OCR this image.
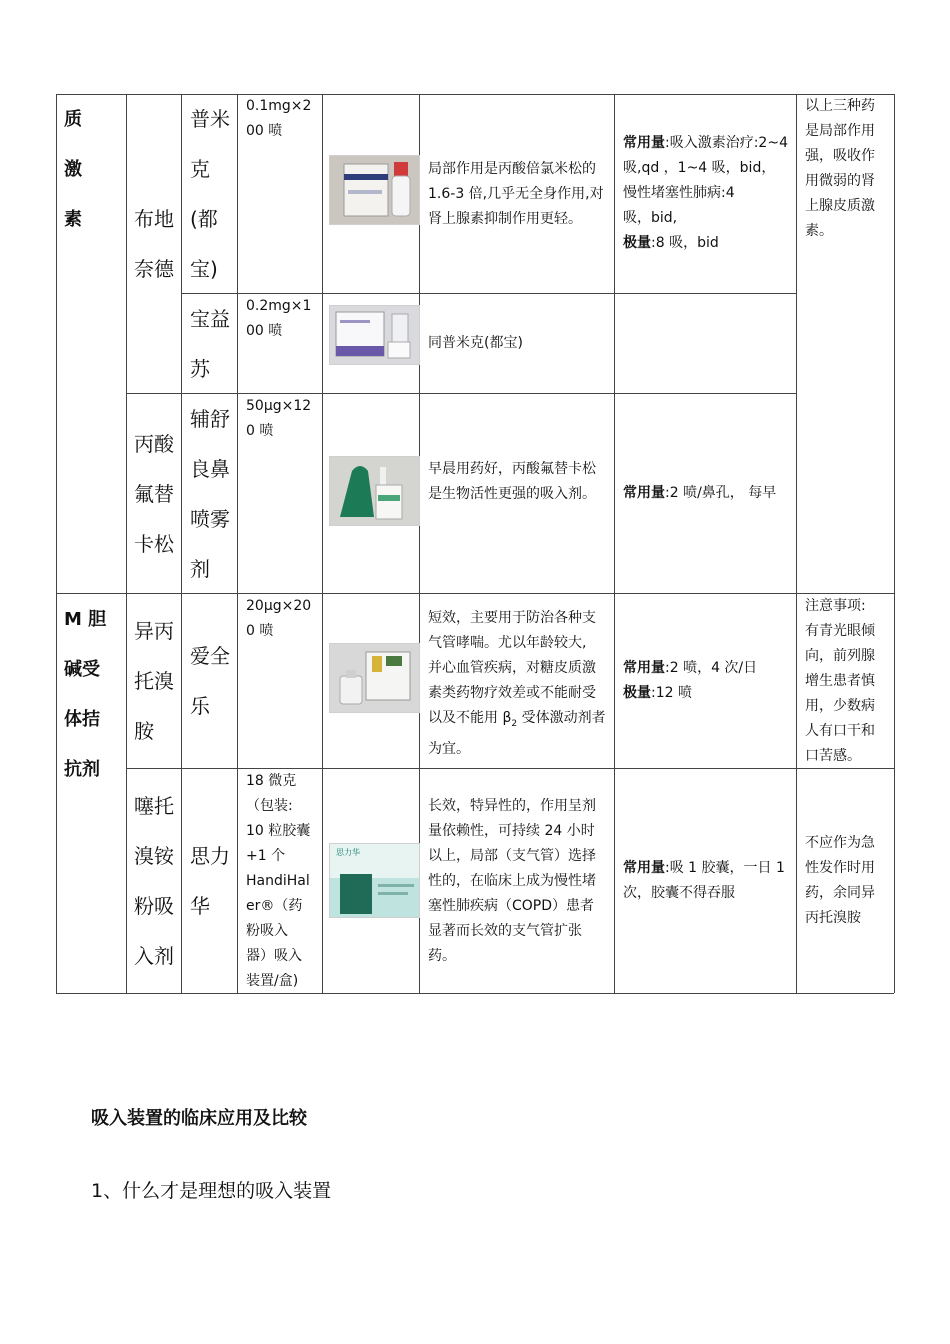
质
激
素
M 胆
碱受
体拮
抗剂
布地
奈德
丙酸
氟替
卡松
异丙
托溴
胺
噻托
溴铵
粉吸
入剂
普米
克
(都
宝)
宝益
苏
辅舒
良鼻
喷雾
剂
爱全
乐
思力
华
0.1mg×2
00 喷
0.2mg×1
00 喷
50μg×12
0 喷
20μg×20
0 喷
18 微克
（包装:
10 粒胶囊
+1 个
HandiHal
er®（药
粉吸入
器）吸入
装置/盒)
思力华
局部作用是丙酸倍氯米松的
1.6-3 倍,几乎无全身作用,对
肾上腺素抑制作用更轻。
同普米克(都宝)
早晨用药好，丙酸氟替卡松
是生物活性更强的吸入剂。
短效，主要用于防治各种支
气管哮喘。尤以年龄较大,
并心血管疾病，对糖皮质激
素类药物疗效差或不能耐受
以及不能用 $\beta_2$ 受体激动剂者
为宜。
长效，特异性的，作用呈剂
量依赖性，可持续 24 小时
以上，局部（支气管）选择
性的，在临床上成为慢性堵
塞性肺疾病（COPD）患者
显著而长效的支气管扩张
药。
常用量:吸入激素治疗:2~4
吸,qd ，1~4 吸，bid，
慢性堵塞性肺病:4
吸，bid,
极量:8 吸，bid
常用量:2 喷/鼻孔， 每早
常用量:2 喷，4 次/日
极量:12 喷
常用量:吸 1 胶囊，一日 1
次，胶囊不得吞服
以上三种药
是局部作用
强，吸收作
用微弱的肾
上腺皮质激
素。
注意事项:
有青光眼倾
向，前列腺
增生患者慎
用，少数病
人有口干和
口苦感。
不应作为急
性发作时用
药，余同异
丙托溴胺
吸入装置的临床应用及比较
1、什么才是理想的吸入装置
